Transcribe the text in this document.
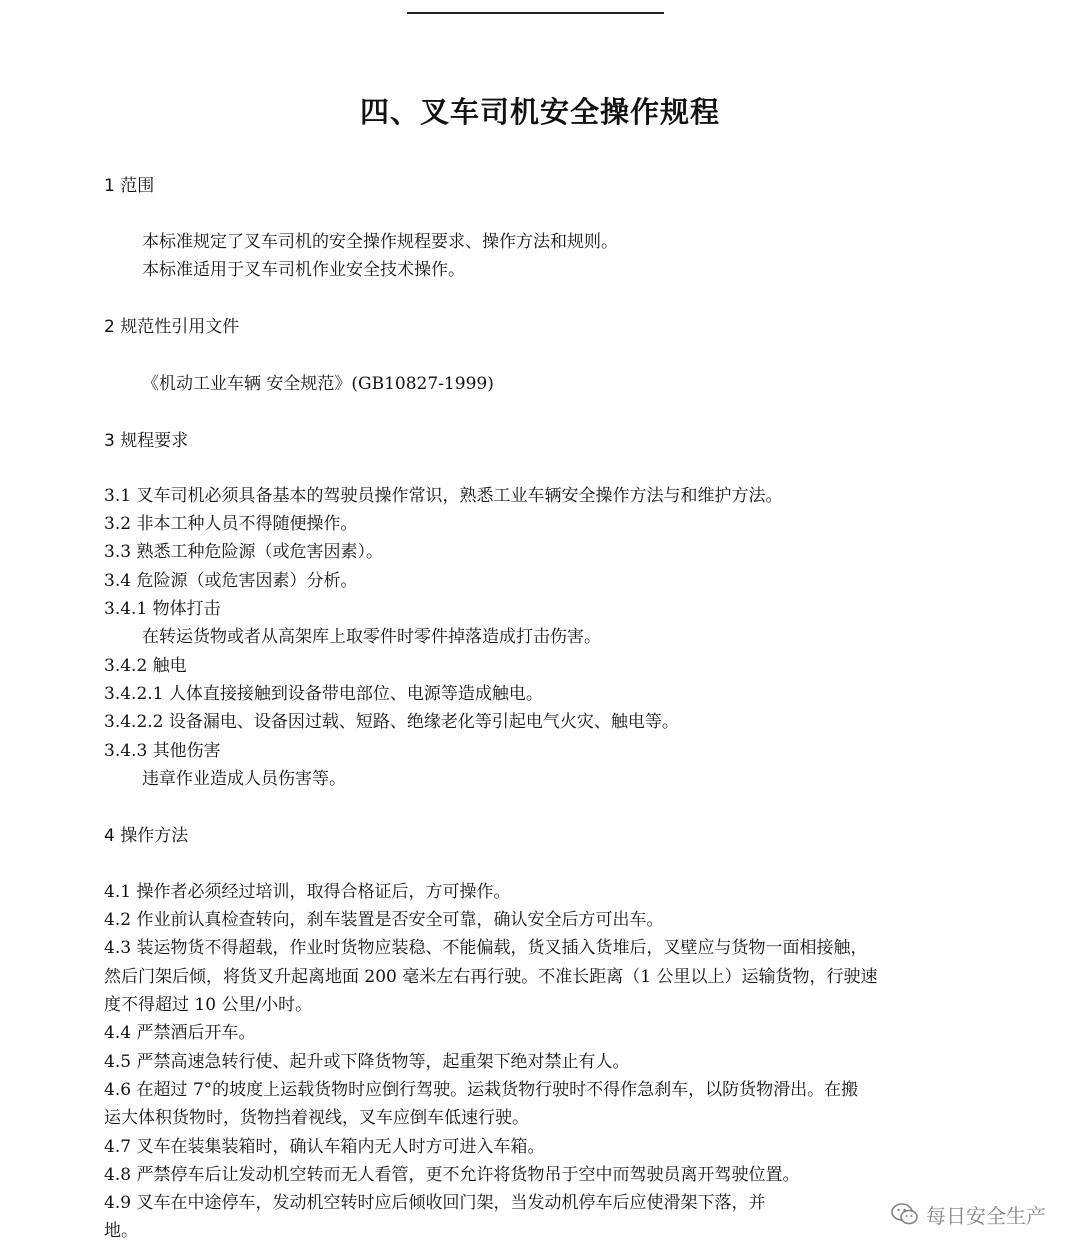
四、叉车司机安全操作规程
1 范围
本标准规定了叉车司机的安全操作规程要求、操作方法和规则。
本标准适用于叉车司机作业安全技术操作。
2 规范性引用文件
《机动工业车辆 安全规范》(GB10827-1999)
3 规程要求
3.1 叉车司机必须具备基本的驾驶员操作常识，熟悉工业车辆安全操作方法与和维护方法。
3.2 非本工种人员不得随便操作。
3.3 熟悉工种危险源（或危害因素）。
3.4 危险源（或危害因素）分析。
3.4.1 物体打击
在转运货物或者从高架库上取零件时零件掉落造成打击伤害。
3.4.2 触电
3.4.2.1 人体直接接触到设备带电部位、电源等造成触电。
3.4.2.2 设备漏电、设备因过载、短路、绝缘老化等引起电气火灾、触电等。
3.4.3 其他伤害
违章作业造成人员伤害等。
4 操作方法
4.1 操作者必须经过培训，取得合格证后，方可操作。
4.2 作业前认真检查转向，刹车装置是否安全可靠，确认安全后方可出车。
4.3 装运物货不得超载，作业时货物应装稳、不能偏载，货叉插入货堆后，叉壁应与货物一面相接触，
然后门架后倾，将货叉升起离地面 200 毫米左右再行驶。不准长距离（1 公里以上）运输货物，行驶速
度不得超过 10 公里/小时。
4.4 严禁酒后开车。
4.5 严禁高速急转行使、起升或下降货物等，起重架下绝对禁止有人。
4.6 在超过 7°的坡度上运载货物时应倒行驾驶。运栽货物行驶时不得作急刹车，以防货物滑出。在搬
运大体积货物时，货物挡着视线，叉车应倒车低速行驶。
4.7 叉车在装集装箱时，确认车箱内无人时方可进入车箱。
4.8 严禁停车后让发动机空转而无人看管，更不允许将货物吊于空中而驾驶员离开驾驶位置。
4.9 叉车在中途停车，发动机空转时应后倾收回门架，当发动机停车后应使滑架下落，并
地。
每日安全生产
